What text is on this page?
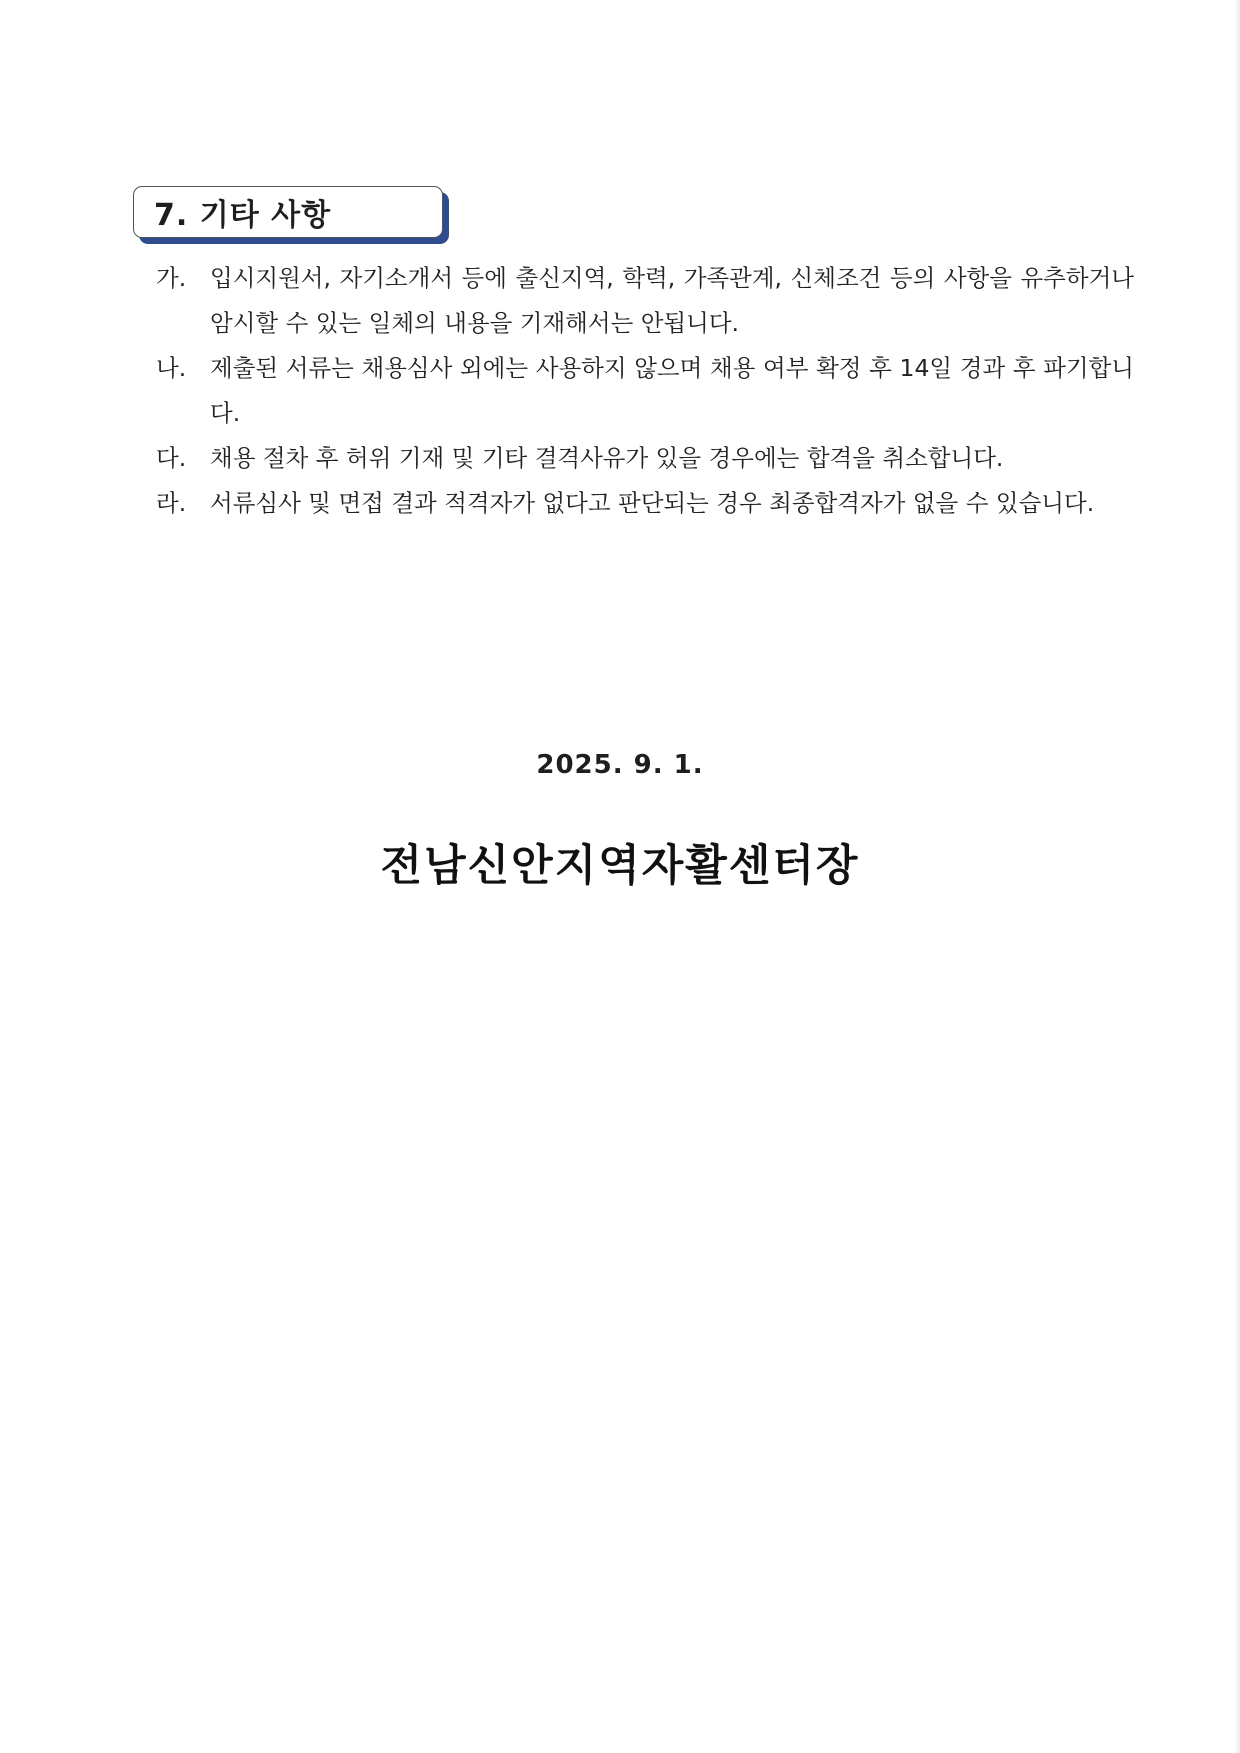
7. 기타 사항
가.	입시지원서, 자기소개서 등에 출신지역, 학력, 가족관계, 신체조건 등의 사항을 유추하거나 암시할 수 있는 일체의 내용을 기재해서는 안됩니다.
나.	제출된 서류는 채용심사 외에는 사용하지 않으며 채용 여부 확정 후 14일 경과 후 파기합니다.
다.	채용 절차 후 허위 기재 및 기타 결격사유가 있을 경우에는 합격을 취소합니다.
라.	서류심사 및 면접 결과 적격자가 없다고 판단되는 경우 최종합격자가 없을 수 있습니다.
2025. 9. 1.
전남신안지역자활센터장
